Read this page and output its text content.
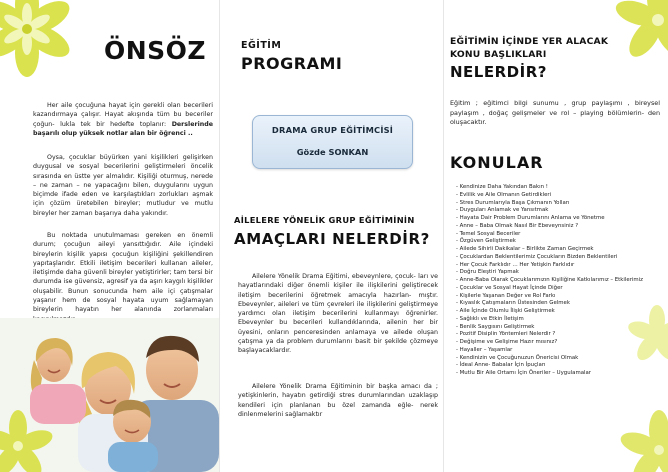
ÖNSÖZ
Her aile çocuğuna hayat için gerekli olan becerileri kazandırmaya çalışır. Hayat akışında tüm bu beceriler çoğun- lukla tek bir hedefte toplanır: Derslerinde başarılı olup yüksek notlar alan bir öğrenci ..
Oysa, çocuklar büyürken yani kişilikleri gelişirken duygusal ve sosyal becerilerini geliştirmeleri öncelik sırasında en üstte yer almalıdır. Kişiliği oturmuş, nerede – ne zaman – ne yapacağını bilen, duygularını uygun biçimde ifade eden ve karşılaştıkları zorlukları aşmak için çözüm üretebilen bireyler; mutludur ve mutlu bireyler her zaman başarıya daha yakındır.
Bu noktada unutulmaması gereken en önemli durum; çocuğun aileyi yansıttığıdır. Aile içindeki bireylerin kişilik yapısı çocuğun kişiliğini şekillendiren yapıtaşlarıdır. Etkili iletişim becerileri kullanan aileler, iletişimde daha güvenli bireyler yetiştirirler; tam tersi bir durumda ise güvensiz, agresif ya da aşırı kaygılı kişilikler oluşabilir. Bunun sonucunda hem aile içi çatışmalar yaşanır hem de sosyal hayata uyum sağlamayan bireylerin hayatın her alanında zorlanmaları
EĞİTİM
PROGRAMI
DRAMA GRUP EĞİTİMCİSİ
Gözde SONKAN
AİLELERE YÖNELİK GRUP EĞİTİMİNİN
AMAÇLARI NELERDİR?
Ailelere Yönelik Drama Eğitimi, ebeveynlere, çocuk- ları ve hayatlarındaki diğer önemli kişiler ile ilişkilerini geliştirecek iletişim becerilerini öğretmek amacıyla hazırlan- mıştır. Ebeveynler, aileleri ve tüm çevreleri ile ilişkilerini geliştirmeye yardımcı olan iletişim becerilerini kullanmayı öğrenirler. Ebeveynler bu becerileri kullandıklarında, ailenin her bir üyesini, onların penceresinden anlamaya ve ailede oluşan çatışma ya da problem durumlarını basit bir şekilde çözmeye başlayacaklardır.
Ailelere Yönelik Drama Eğitiminin bir başka amacı da ; yetişkinlerin, hayatın getirdiği stres durumlarından uzaklaşıp kendileri için planlanan bu özel zamanda eğle- nerek dinlenmelerini sağlamaktır
EĞİTİMİN İÇİNDE YER ALACAK
KONU BAŞLIKLARI
NELERDİR?
Eğitim ; eğitimci bilgi sunumu , grup paylaşımı , bireysel paylaşım , doğaç gelişmeler ve rol – playing bölümlerin- den oluşacaktır.
KONULAR
- Kendinize Daha Yakından Bakın !
- Evlilik ve Aile Olmanın Getirdikleri
- Stres Durumlarıyla Başa Çıkmanın Yolları
- Duyguları Anlamak ve Yansıtmak
- Hayata Dair Problem Durumlarını Anlama ve Yönetme
- Anne – Baba Olmak Nasıl Bir Ebeveynsiniz ?
- Temel Sosyal Beceriler
- Özgüven Geliştirmek
- Ailede Sihirli Dakikalar – Birlikte Zaman Geçirmek
- Çocuklardan Beklentilerimiz Çocukların Bizden Beklentileri
- Her Çocuk Farklıdır … Her Yetişkin Farklıdır
- Doğru Eleştiri Yapmak
- Anne-Baba Olarak Çocuklarımızın Kişiliğine Katkılarımız – Etkilerimiz
- Çocuklar ve Sosyal Hayat İçinde Diğer
- Kişilerle Yaşanan Değer ve Rol Farkı
- Kıyaslık Çatışmaların Üstesinden Gelmek
- Aile İçinde Olumlu İlişki Geliştirmek
- Sağlıklı ve Etkin İletişim
- Benlik Saygısını Geliştirmek
- Pozitif Disiplin Yöntemleri Nelerdir ?
- Değişime ve Gelişime Hazır mısınız?
- Hayaller – Yaşamlar
- Kendinizin ve Çocuğunuzun Önericisi Olmak
- İdeal Anne- Babalar İçin İpuçları
- Mutlu Bir Aile Ortamı İçin Öneriler – Uygulamalar
